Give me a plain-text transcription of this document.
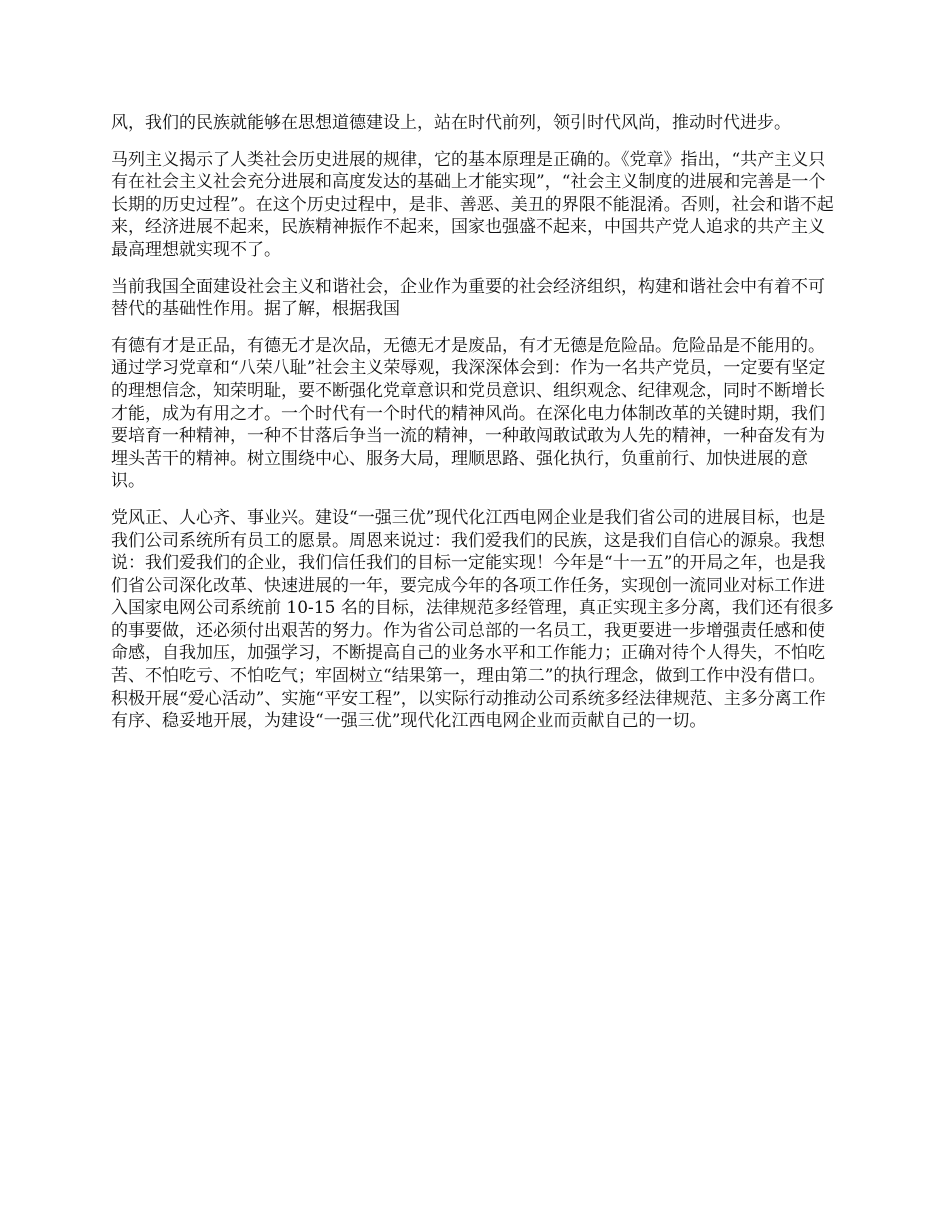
风，我们的民族就能够在思想道德建设上，站在时代前列，领引时代风尚，推动时代进步。

马列主义揭示了人类社会历史进展的规律，它的基本原理是正确的。《党章》指出，“共产主义只有在社会主义社会充分进展和高度发达的基础上才能实现”，“社会主义制度的进展和完善是一个长期的历史过程”。在这个历史过程中，是非、善恶、美丑的界限不能混淆。否则，社会和谐不起来，经济进展不起来，民族精神振作不起来，国家也强盛不起来，中国共产党人追求的共产主义最高理想就实现不了。

当前我国全面建设社会主义和谐社会，企业作为重要的社会经济组织，构建和谐社会中有着不可替代的基础性作用。据了解，根据我国

有德有才是正品，有德无才是次品，无德无才是废品，有才无德是危险品。危险品是不能用的。通过学习党章和“八荣八耻”社会主义荣辱观，我深深体会到：作为一名共产党员，一定要有坚定的理想信念，知荣明耻，要不断强化党章意识和党员意识、组织观念、纪律观念，同时不断增长才能，成为有用之才。一个时代有一个时代的精神风尚。在深化电力体制改革的关键时期，我们要培育一种精神，一种不甘落后争当一流的精神，一种敢闯敢试敢为人先的精神，一种奋发有为埋头苦干的精神。树立围绕中心、服务大局，理顺思路、强化执行，负重前行、加快进展的意识。

党风正、人心齐、事业兴。建设“一强三优”现代化江西电网企业是我们省公司的进展目标，也是我们公司系统所有员工的愿景。周恩来说过：我们爱我们的民族，这是我们自信心的源泉。我想说：我们爱我们的企业，我们信任我们的目标一定能实现！今年是“十一五”的开局之年，也是我们省公司深化改革、快速进展的一年，要完成今年的各项工作任务，实现创一流同业对标工作进入国家电网公司系统前 10-15 名的目标，法律规范多经管理，真正实现主多分离，我们还有很多的事要做，还必须付出艰苦的努力。作为省公司总部的一名员工，我更要进一步增强责任感和使命感，自我加压，加强学习，不断提高自己的业务水平和工作能力；正确对待个人得失，不怕吃苦、不怕吃亏、不怕吃气；牢固树立“结果第一，理由第二”的执行理念，做到工作中没有借口。积极开展“爱心活动”、实施“平安工程”，以实际行动推动公司系统多经法律规范、主多分离工作有序、稳妥地开展，为建设“一强三优”现代化江西电网企业而贡献自己的一切。
